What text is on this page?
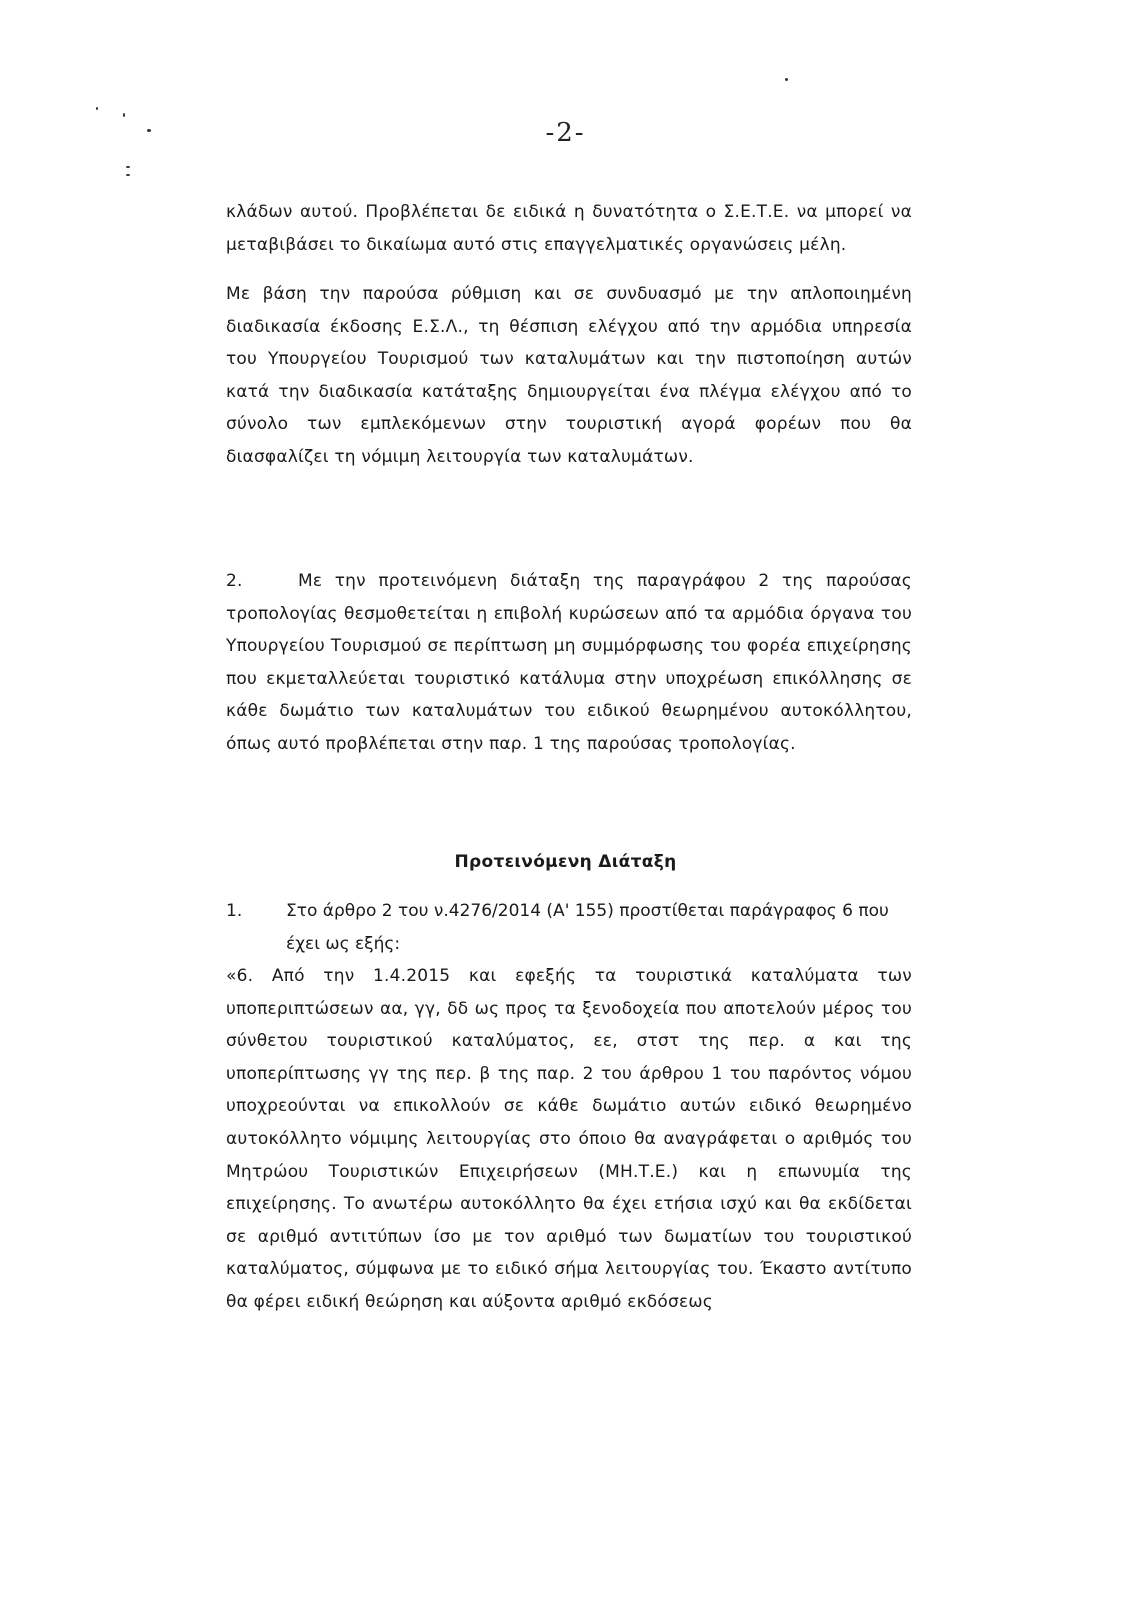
-2-

κλάδων αυτού. Προβλέπεται δε ειδικά η δυνατότητα ο Σ.Ε.Τ.Ε. να μπορεί να μεταβιβάσει το δικαίωμα αυτό στις επαγγελματικές οργανώσεις μέλη.

Με βάση την παρούσα ρύθμιση και σε συνδυασμό με την απλοποιημένη διαδικασία έκδοσης Ε.Σ.Λ., τη θέσπιση ελέγχου από την αρμόδια υπηρεσία του Υπουργείου Τουρισμού των καταλυμάτων και την πιστοποίηση αυτών κατά την διαδικασία κατάταξης δημιουργείται ένα πλέγμα ελέγχου από το σύνολο των εμπλεκόμενων στην τουριστική αγορά φορέων που θα διασφαλίζει τη νόμιμη λειτουργία των καταλυμάτων.

2.	Με την προτεινόμενη διάταξη της παραγράφου 2 της παρούσας τροπολογίας θεσμοθετείται η επιβολή κυρώσεων από τα αρμόδια όργανα του Υπουργείου Τουρισμού σε περίπτωση μη συμμόρφωσης του φορέα επιχείρησης που εκμεταλλεύεται τουριστικό κατάλυμα στην υποχρέωση επικόλλησης σε κάθε δωμάτιο των καταλυμάτων του ειδικού θεωρημένου αυτοκόλλητου, όπως αυτό προβλέπεται στην παρ. 1 της παρούσας τροπολογίας.

Προτεινόμενη Διάταξη
1.	Στο άρθρο 2 του ν.4276/2014 (Α' 155) προστίθεται παράγραφος 6 που έχει ως εξής:

«6. Από την 1.4.2015 και εφεξής τα τουριστικά καταλύματα των υποπεριπτώσεων αα, γγ, δδ ως προς τα ξενοδοχεία που αποτελούν μέρος του σύνθετου τουριστικού καταλύματος, εε, στστ της περ. α και της υποπερίπτωσης γγ της περ. β της παρ. 2 του άρθρου 1 του παρόντος νόμου υποχρεούνται να επικολλούν σε κάθε δωμάτιο αυτών ειδικό θεωρημένο αυτοκόλλητο νόμιμης λειτουργίας στο όποιο θα αναγράφεται ο αριθμός του Μητρώου Τουριστικών Επιχειρήσεων (ΜΗ.Τ.Ε.) και η επωνυμία της επιχείρησης. Το ανωτέρω αυτοκόλλητο θα έχει ετήσια ισχύ και θα εκδίδεται σε αριθμό αντιτύπων ίσο με τον αριθμό των δωματίων του τουριστικού καταλύματος, σύμφωνα με το ειδικό σήμα λειτουργίας του. Έκαστο αντίτυπο θα φέρει ειδική θεώρηση και αύξοντα αριθμό εκδόσεως
